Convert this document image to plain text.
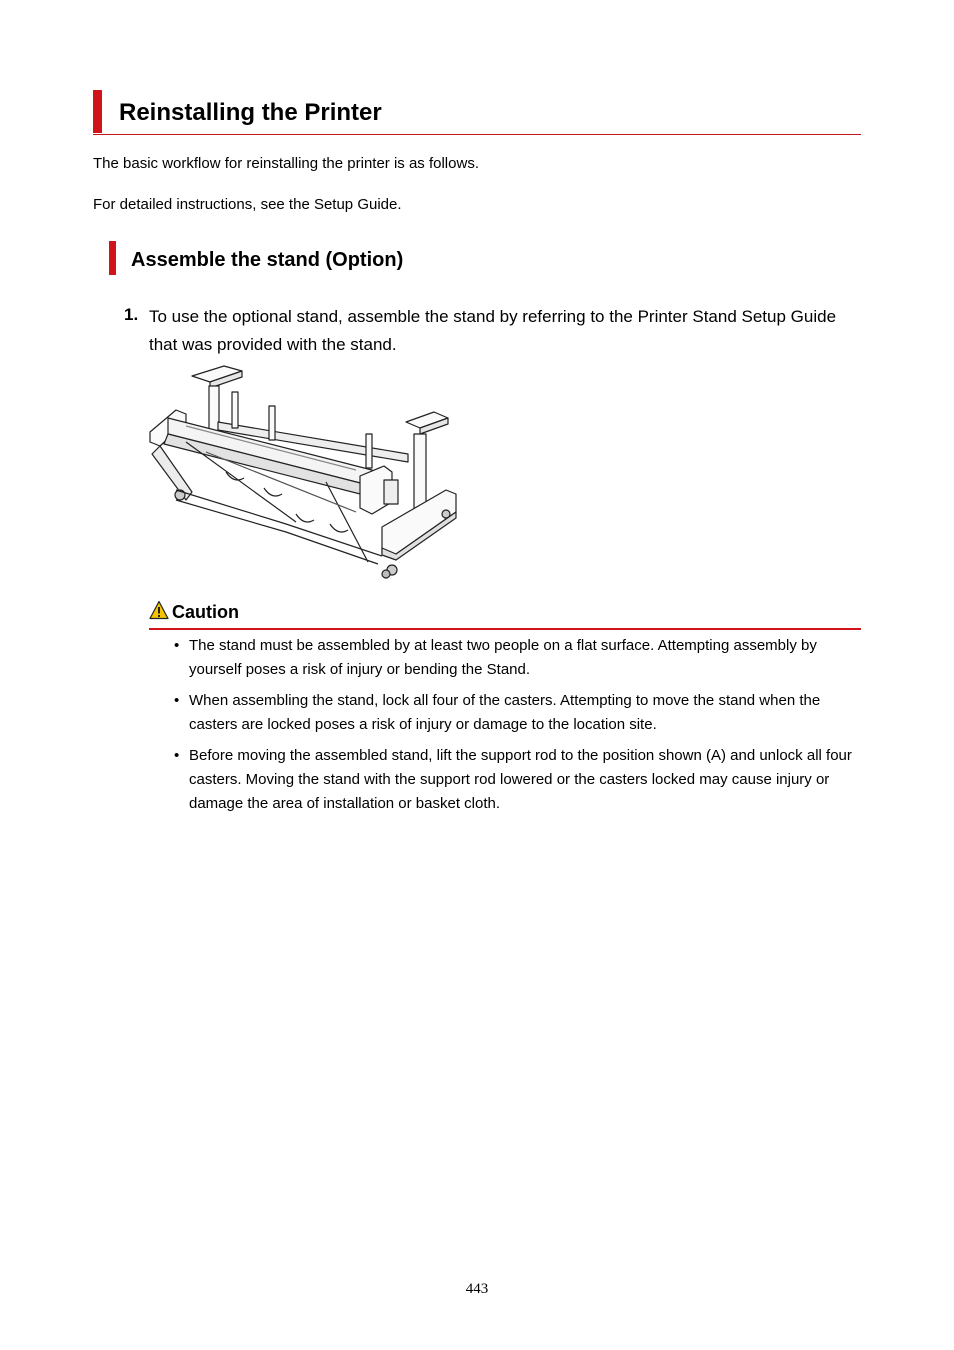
Reinstalling the Printer
The basic workflow for reinstalling the printer is as follows.
For detailed instructions, see the Setup Guide.
Assemble the stand (Option)
1. To use the optional stand, assemble the stand by referring to the Printer Stand Setup Guide that was provided with the stand.
Caution
• The stand must be assembled by at least two people on a flat surface. Attempting assembly by yourself poses a risk of injury or bending the Stand.
• When assembling the stand, lock all four of the casters. Attempting to move the stand when the casters are locked poses a risk of injury or damage to the location site.
• Before moving the assembled stand, lift the support rod to the position shown (A) and unlock all four casters. Moving the stand with the support rod lowered or the casters locked may cause injury or damage the area of installation or basket cloth.
443
